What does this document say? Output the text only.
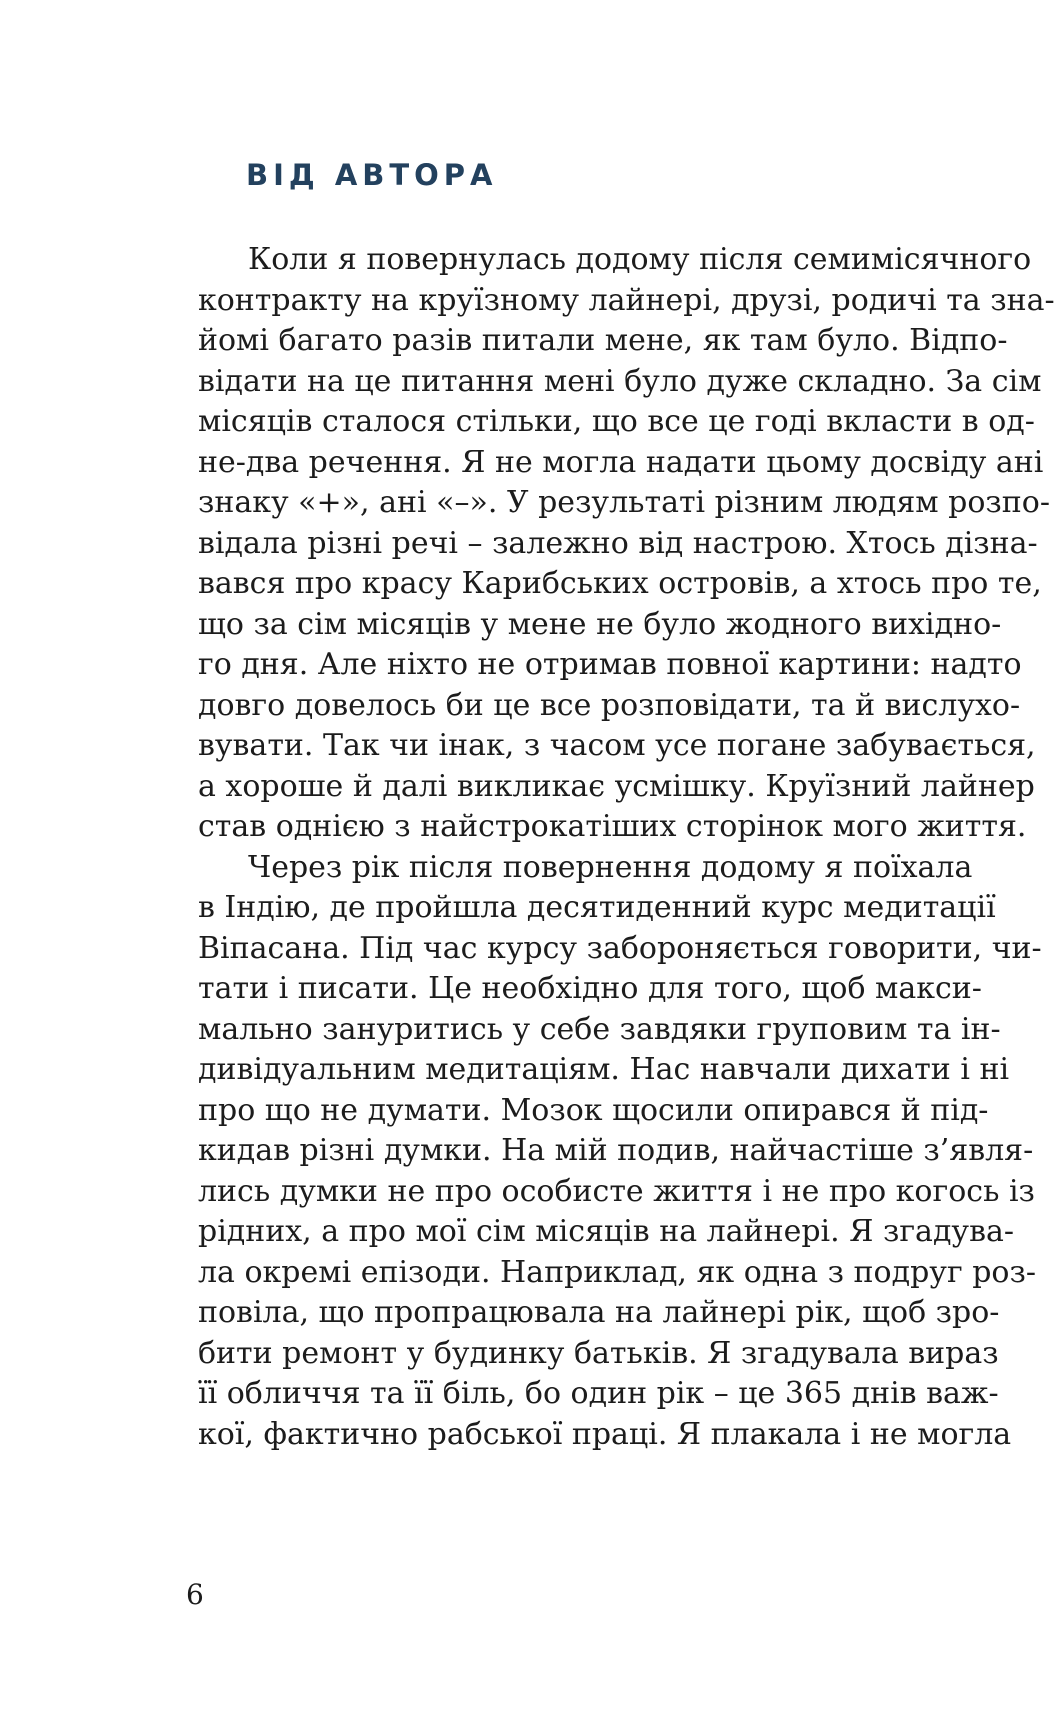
ВІД АВТОРА
Коли я повернулась додому після семимісячного
контракту на круїзному лайнері, друзі, родичі та зна-
йомі багато разів питали мене, як там було. Відпо-
відати на це питання мені було дуже складно. За сім
місяців сталося стільки, що все це годі вкласти в од-
не-два речення. Я не могла надати цьому досвіду ані
знаку «+», ані «–». У результаті різним людям розпо-
відала різні речі – залежно від настрою. Хтось дізна-
вався про красу Карибських островів, а хтось про те,
що за сім місяців у мене не було жодного вихідно-
го дня. Але ніхто не отримав повної картини: надто
довго довелось би це все розповідати, та й вислухо-
вувати. Так чи інак, з часом усе погане забувається,
а хороше й далі викликає усмішку. Круїзний лайнер
став однією з найстрокатіших сторінок мого життя.
Через рік після повернення додому я поїхала
в Індію, де пройшла десятиденний курс медитації
Віпасана. Під час курсу забороняється говорити, чи-
тати і писати. Це необхідно для того, щоб макси-
мально зануритись у себе завдяки груповим та ін-
дивідуальним медитаціям. Нас навчали дихати і ні
про що не думати. Мозок щосили опирався й під-
кидав різні думки. На мій подив, найчастіше з’явля-
лись думки не про особисте життя і не про когось із
рідних, а про мої сім місяців на лайнері. Я згадува-
ла окремі епізоди. Наприклад, як одна з подруг роз-
повіла, що пропрацювала на лайнері рік, щоб зро-
бити ремонт у будинку батьків. Я згадувала вираз
її обличчя та її біль, бо один рік – це 365 днів важ-
кої, фактично рабської праці. Я плакала і не могла
6
